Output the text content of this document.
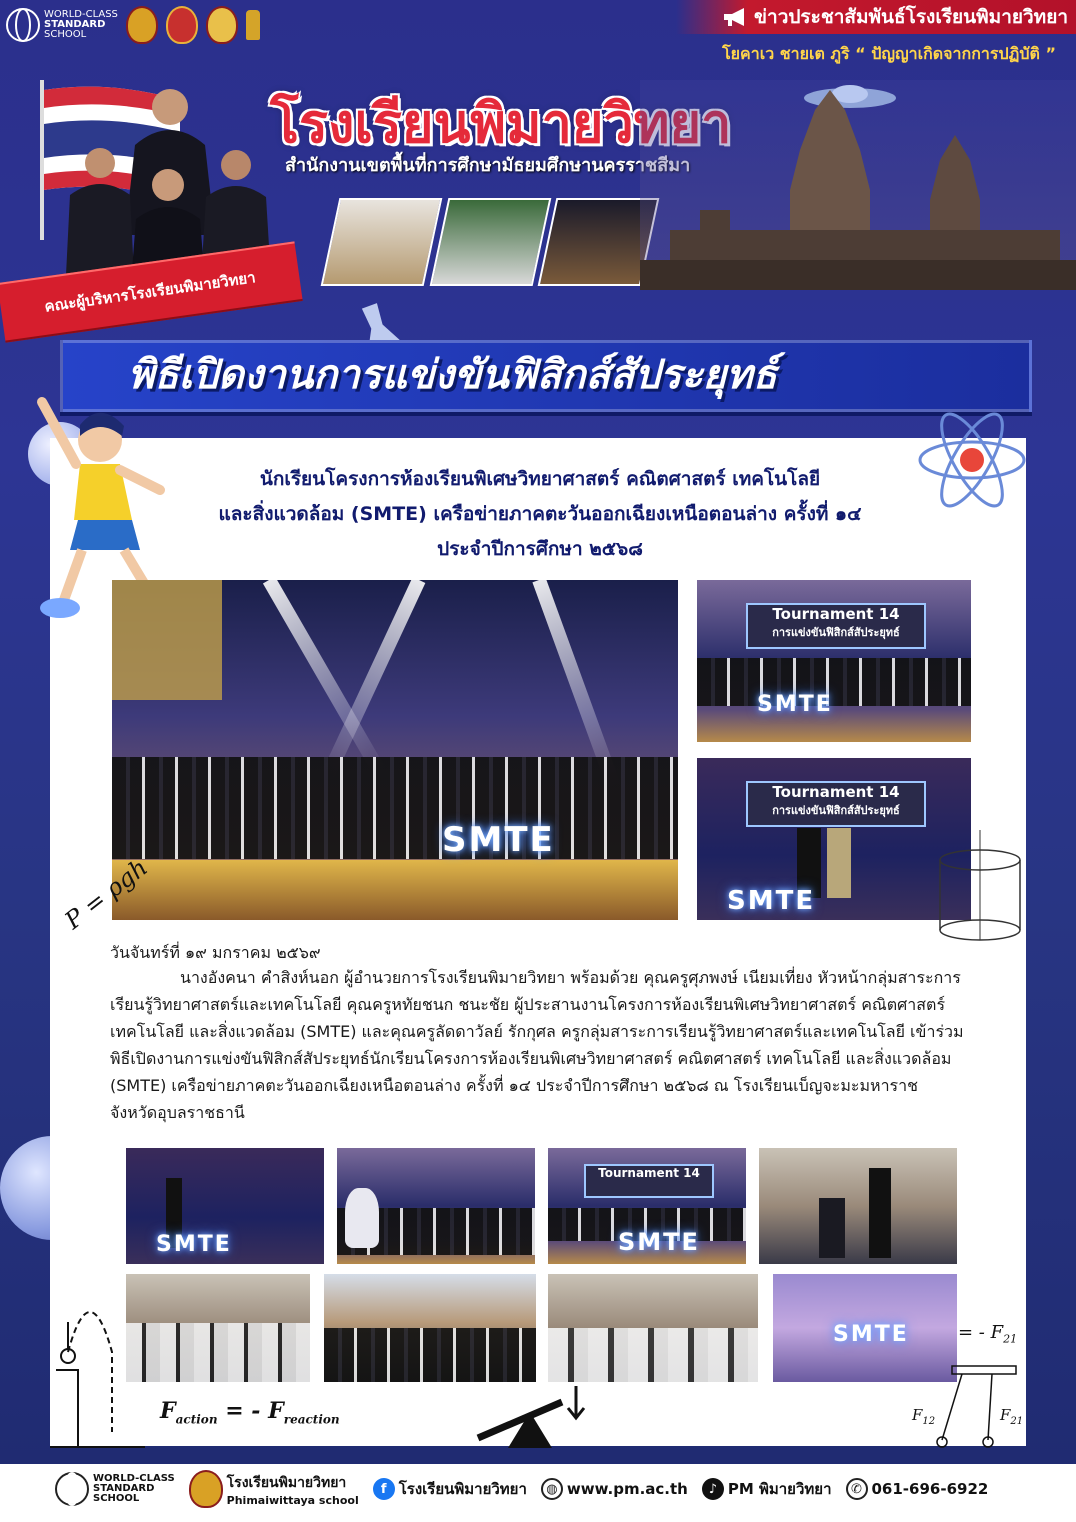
WORLD-CLASS
STANDARD
SCHOOL
ข่าวประชาสัมพันธ์โรงเรียนพิมายวิทยา
โยคาเว ชายเต ภูริ “ ปัญญาเกิดจากการปฏิบัติ ”
คณะผู้บริหารโรงเรียนพิมายวิทยา
โรงเรียนพิมายวิทยา
สำนักงานเขตพื้นที่การศึกษามัธยมศึกษานครราชสีมา
พิธีเปิดงานการแข่งขันฟิสิกส์สัประยุทธ์
นักเรียนโครงการห้องเรียนพิเศษวิทยาศาสตร์ คณิตศาสตร์ เทคโนโลยี
และสิ่งแวดล้อม (SMTE) เครือข่ายภาคตะวันออกเฉียงเหนือตอนล่าง ครั้งที่ ๑๔
ประจำปีการศึกษา ๒๕๖๘
SMTE
Tournament 14
การแข่งขันฟิสิกส์สัประยุทธ์
SMTE
Tournament 14
การแข่งขันฟิสิกส์สัประยุทธ์
SMTE
P = ρgh
วันจันทร์ที่ ๑๙ มกราคม ๒๕๖๙
นางอังคนา คำสิงห์นอก ผู้อำนวยการโรงเรียนพิมายวิทยา พร้อมด้วย คุณครูศุภพงษ์ เนียมเที่ยง หัวหน้ากลุ่มสาระการเรียนรู้วิทยาศาสตร์และเทคโนโลยี คุณครูหทัยชนก ชนะชัย ผู้ประสานงานโครงการห้องเรียนพิเศษวิทยาศาสตร์ คณิตศาสตร์ เทคโนโลยี และสิ่งแวดล้อม (SMTE) และคุณครูลัดดาวัลย์ รักกุศล ครูกลุ่มสาระการเรียนรู้วิทยาศาสตร์และเทคโนโลยี เข้าร่วมพิธีเปิดงานการแข่งขันฟิสิกส์สัประยุทธ์นักเรียนโครงการห้องเรียนพิเศษวิทยาศาสตร์ คณิตศาสตร์ เทคโนโลยี และสิ่งแวดล้อม (SMTE) เครือข่ายภาคตะวันออกเฉียงเหนือตอนล่าง ครั้งที่ ๑๔ ประจำปีการศึกษา ๒๕๖๘ ณ โรงเรียนเบ็ญจะมะมหาราช จังหวัดอุบลราชธานี
SMTE
Tournament 14
SMTE
SMTE
$F_{action}$ = - $F_{reaction}$
= - $F_{21}$
$F_{12}$	$F_{21}$
WORLD-CLASS
STANDARD
SCHOOL
โรงเรียนพิมายวิทยา
Phimaiwittaya school
f โรงเรียนพิมายวิทยา	◍ www.pm.ac.th	♪ PM พิมายวิทยา	✆ 061-696-6922
